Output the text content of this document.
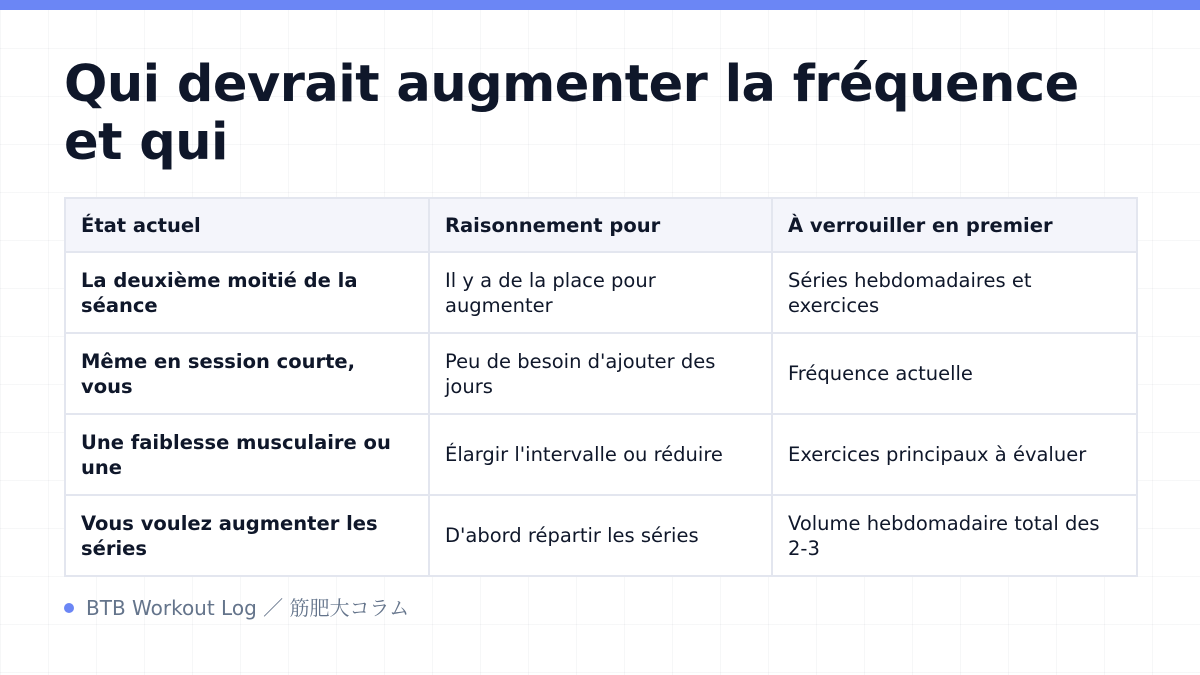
Qui devrait augmenter la fréquence et qui
État actuel	Raisonnement pour	À verrouiller en premier
La deuxième moitié de la séance	Il y a de la place pour augmenter	Séries hebdomadaires et exercices
Même en session courte, vous	Peu de besoin d'ajouter des jours	Fréquence actuelle
Une faiblesse musculaire ou une	Élargir l'intervalle ou réduire	Exercices principaux à évaluer
Vous voulez augmenter les séries	D'abord répartir les séries	Volume hebdomadaire total des 2-3
BTB Workout Log ／ 筋肥大コラム
